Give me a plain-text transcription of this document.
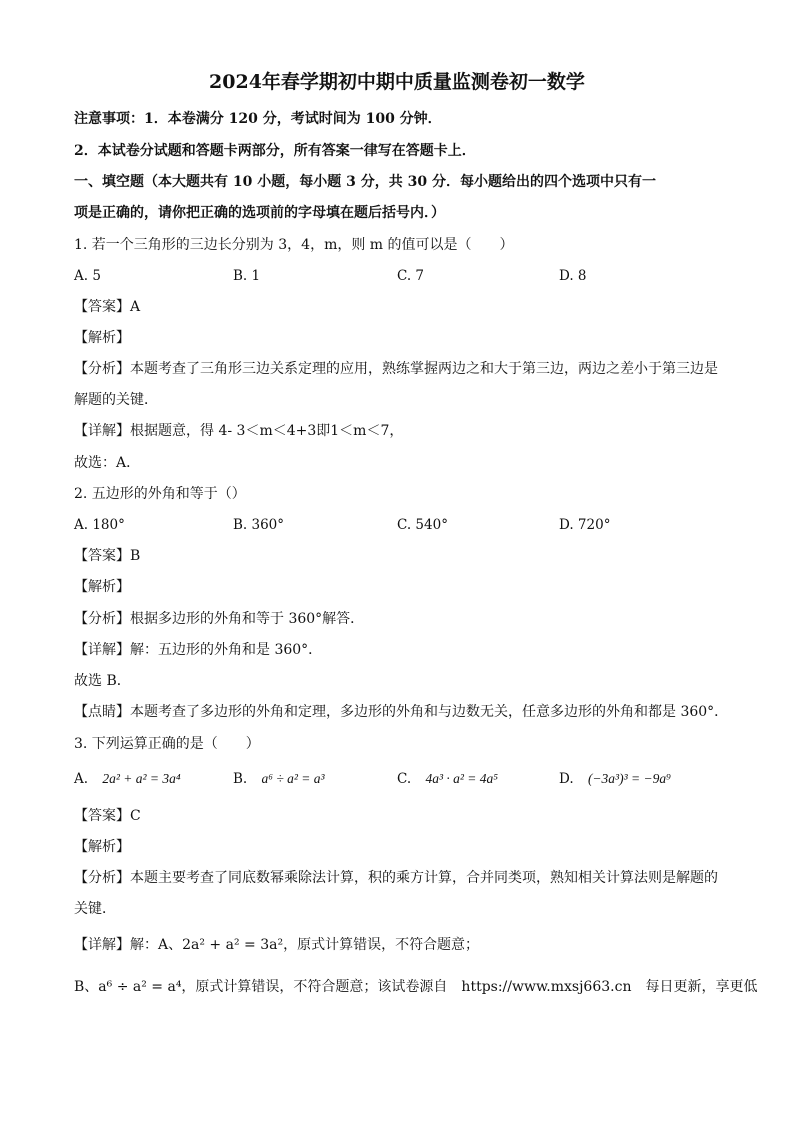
2024年春学期初中期中质量监测卷初一数学
注意事项：1．本卷满分 120 分，考试时间为 100 分钟．
2．本试卷分试题和答题卡两部分，所有答案一律写在答题卡上．
一、填空题（本大题共有 10 小题，每小题 3 分，共 30 分．每小题给出的四个选项中只有一
项是正确的，请你把正确的选项前的字母填在题后括号内．）
1. 若一个三角形的三边长分别为 3，4，m，则 m 的值可以是（　　）
A. 5	B. 1	C. 7	D. 8
【答案】A
【解析】
【分析】本题考查了三角形三边关系定理的应用，熟练掌握两边之和大于第三边，两边之差小于第三边是
解题的关键．
【详解】根据题意，得 4- 3＜m＜4+3即1＜m＜7，
故选：A．
2. 五边形的外角和等于（）
A. 180°	B. 360°	C. 540°	D. 720°
【答案】B
【解析】
【分析】根据多边形的外角和等于 360°解答．
【详解】解：五边形的外角和是 360°．
故选 B．
【点睛】本题考查了多边形的外角和定理，多边形的外角和与边数无关，任意多边形的外角和都是 360°．
3. 下列运算正确的是（　　）
A. 2a² + a² = 3a⁴	B. a⁶ ÷ a² = a³	C. 4a³ · a² = 4a⁵	D. (−3a³)³ = −9a⁹
【答案】C
【解析】
【分析】本题主要考查了同底数幂乘除法计算，积的乘方计算，合并同类项，熟知相关计算法则是解题的
关键．
【详解】解：A、2a² + a² = 3a²，原式计算错误，不符合题意；
B、a⁶ ÷ a² = a⁴，原式计算错误，不符合题意；该试卷源自　https://www.mxsj663.cn　每日更新，享更低
